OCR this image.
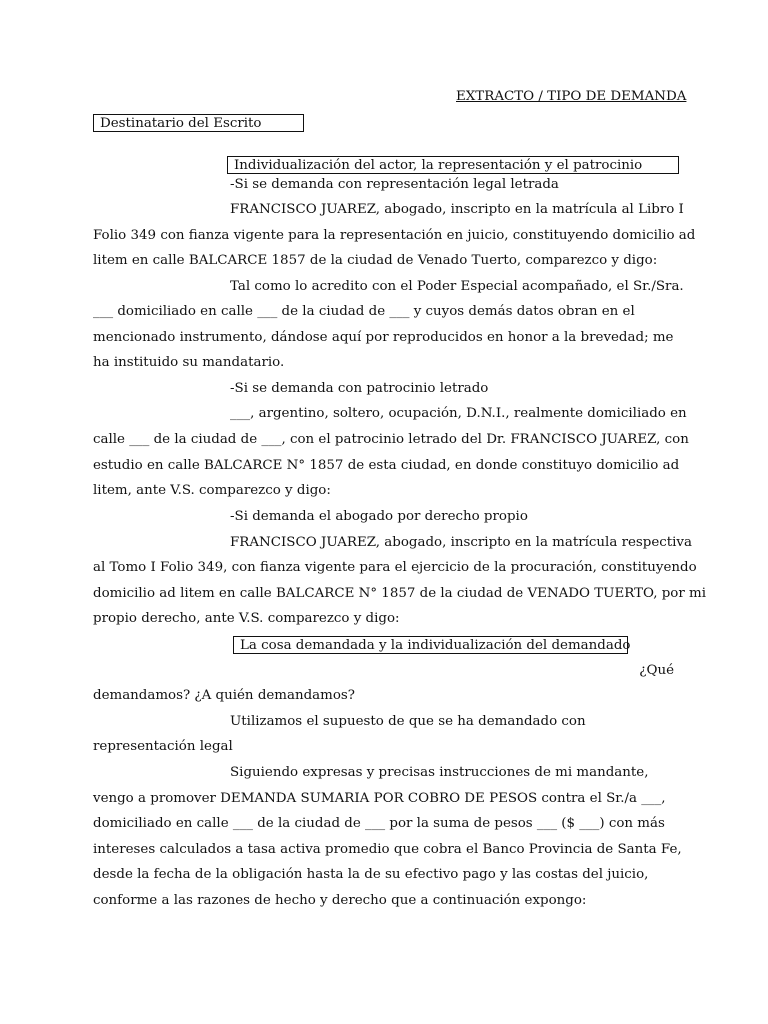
EXTRACTO / TIPO DE DEMANDA
Destinatario del Escrito
Individualización del actor, la representación y el patrocinio
-Si se demanda con representación legal letrada
FRANCISCO JUAREZ, abogado, inscripto en la matrícula al Libro I
Folio 349 con fianza vigente para la representación en juicio, constituyendo domicilio ad
litem en calle BALCARCE 1857 de la ciudad de Venado Tuerto, comparezco y digo:
Tal como lo acredito con el Poder Especial acompañado, el Sr./Sra.
___ domiciliado en calle ___ de la ciudad de ___ y cuyos demás datos obran en el
mencionado instrumento, dándose aquí por reproducidos en honor a la brevedad; me
ha instituido su mandatario.
-Si se demanda con patrocinio letrado
___, argentino, soltero, ocupación, D.N.I., realmente domiciliado en
calle ___ de la ciudad de ___, con el patrocinio letrado del Dr. FRANCISCO JUAREZ, con
estudio en calle BALCARCE N° 1857 de esta ciudad, en donde constituyo domicilio ad
litem, ante V.S. comparezco y digo:
-Si demanda el abogado por derecho propio
FRANCISCO JUAREZ, abogado, inscripto en la matrícula respectiva
al Tomo I Folio 349, con fianza vigente para el ejercicio de la procuración, constituyendo
domicilio ad litem en calle BALCARCE N° 1857 de la ciudad de VENADO TUERTO, por mi
propio derecho, ante V.S. comparezco y digo:
La cosa demandada y la individualización del demandado
¿Qué
demandamos? ¿A quién demandamos?
Utilizamos el supuesto de que se ha demandado con
representación legal
Siguiendo expresas y precisas instrucciones de mi mandante,
vengo a promover DEMANDA SUMARIA POR COBRO DE PESOS contra el Sr./a ___,
domiciliado en calle ___ de la ciudad de ___ por la suma de pesos ___ ($ ___) con más
intereses calculados a tasa activa promedio que cobra el Banco Provincia de Santa Fe,
desde la fecha de la obligación hasta la de su efectivo pago y las costas del juicio,
conforme a las razones de hecho y derecho que a continuación expongo:
